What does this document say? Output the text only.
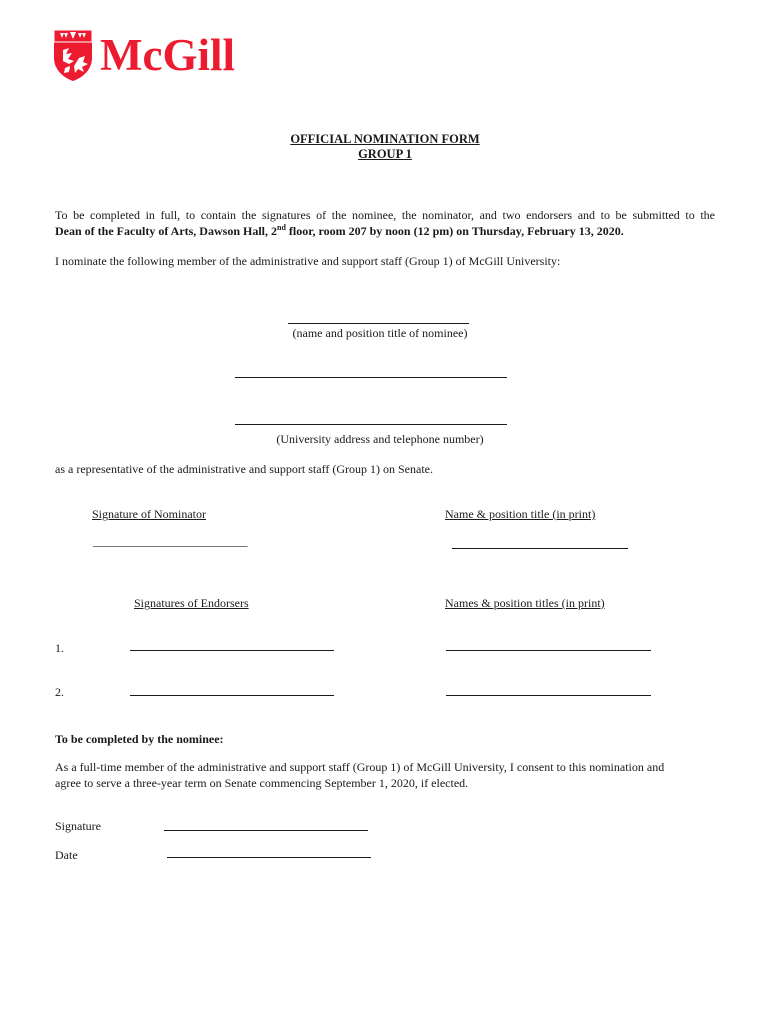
McGill
OFFICIAL NOMINATION FORM
GROUP 1
To be completed in full, to contain the signatures of the nominee, the nominator, and two endorsers and to be submitted to the
Dean of the Faculty of Arts, Dawson Hall, 2nd floor, room 207 by noon (12 pm) on Thursday, February 13, 2020.
I nominate the following member of the administrative and support staff (Group 1) of McGill University:
(name and position title of nominee)
(University address and telephone number)
as a representative of the administrative and support staff (Group 1) on Senate.
Signature of Nominator	Name & position title (in print)
____________________________
Signatures of Endorsers	Names & position titles (in print)
1.
2.
To be completed by the nominee:
As a full-time member of the administrative and support staff (Group 1) of McGill University, I consent to this nomination and
agree to serve a three-year term on Senate commencing September 1, 2020, if elected.
Signature
Date
